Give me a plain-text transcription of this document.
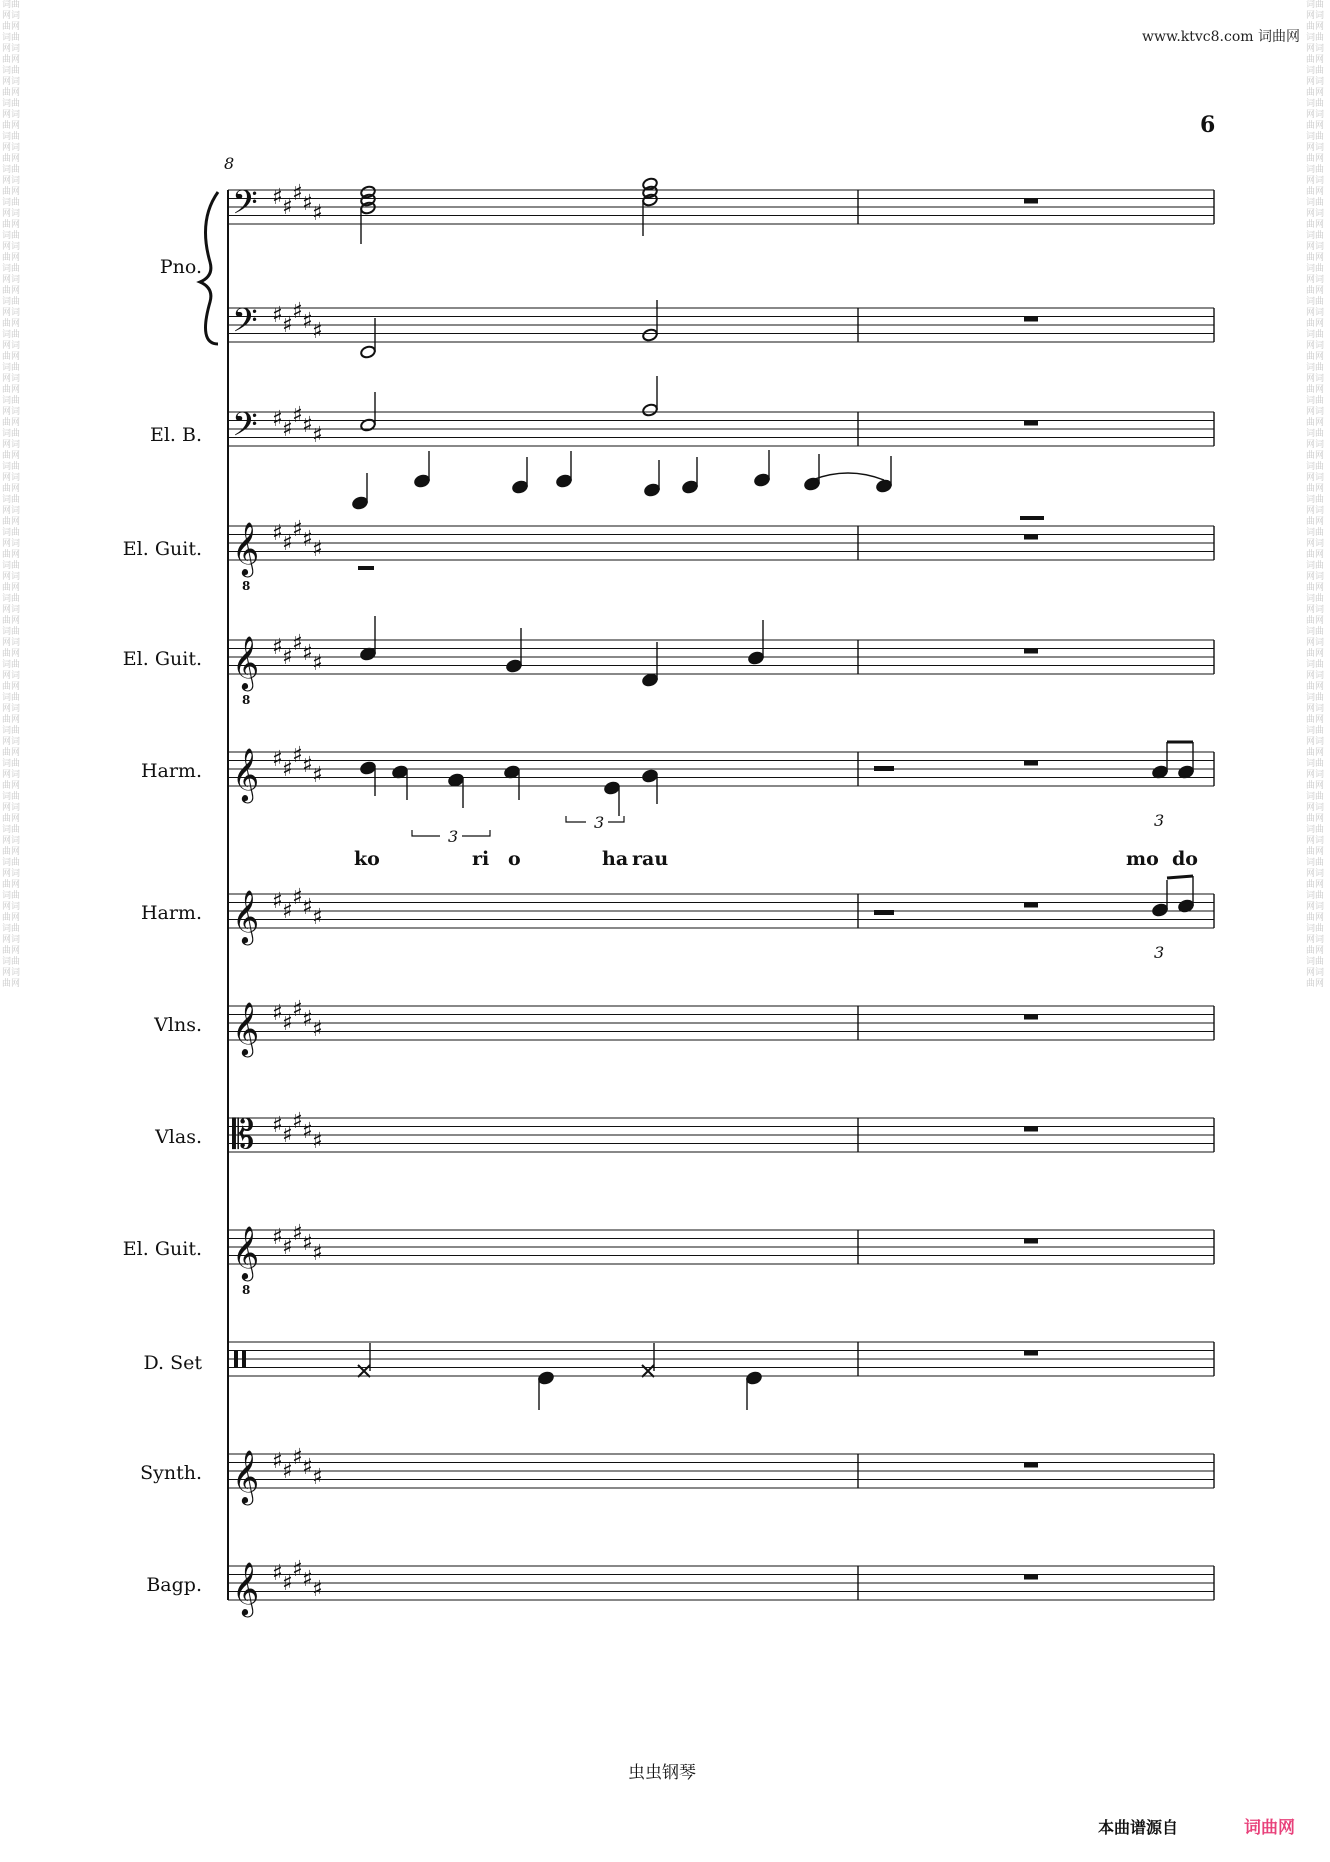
词曲网词曲网词曲网词曲网词曲网词曲网词曲网词曲网词曲网词曲网词曲网词曲网词曲网词曲网词曲网词曲网词曲网词曲网词曲网词曲网词曲网词曲网词曲网词曲网词曲网词曲网词曲网词曲网词曲网词曲网词曲网词曲网词曲网词曲网词曲网词曲网词曲网词曲网词曲网词曲网词曲网词曲网词曲网词曲网词曲网词曲网词曲网词曲网词曲网词曲网词曲网词曲网词曲网词曲网词曲网词曲网词曲网词曲网词曲网词曲网
词曲网词曲网词曲网词曲网词曲网词曲网词曲网词曲网词曲网词曲网词曲网词曲网词曲网词曲网词曲网词曲网词曲网词曲网词曲网词曲网词曲网词曲网词曲网词曲网词曲网词曲网词曲网词曲网词曲网词曲网词曲网词曲网词曲网词曲网词曲网词曲网词曲网词曲网词曲网词曲网词曲网词曲网词曲网词曲网词曲网词曲网词曲网词曲网词曲网词曲网词曲网词曲网词曲网词曲网词曲网词曲网词曲网词曲网词曲网词曲网
www.ktvc8.com 词曲网
6
8
Pno.
El. B.
El. Guit.
El. Guit.
Harm.
Harm.
Vlns.
Vlas.
El. Guit.
D. Set
Synth.
Bagp.
ko	ri o	ha rau	mo do
𝄢 ♯ ♯
♯ ♯ ♯
𝄢 ♯ ♯
♯ ♯ ♯
𝄢 ♯ ♯
♯ ♯ ♯
𝄞
8
♯ ♯
♯ ♯ ♯
𝄞
8
♯ ♯
♯ ♯ ♯
𝄞 ♯ ♯
♯ ♯ ♯
𝄞 ♯ ♯
♯ ♯ ♯
𝄞 ♯ ♯
♯ ♯ ♯
𝄡 ♯ ♯
♯ ♯ ♯
𝄞
8
♯ ♯
♯ ♯ ♯
𝄞 ♯ ♯
♯ ♯ ♯
𝄞 ♯ ♯
♯ ♯ ♯
3
3	3
3
虫虫钢琴
本曲谱源自	词曲网
